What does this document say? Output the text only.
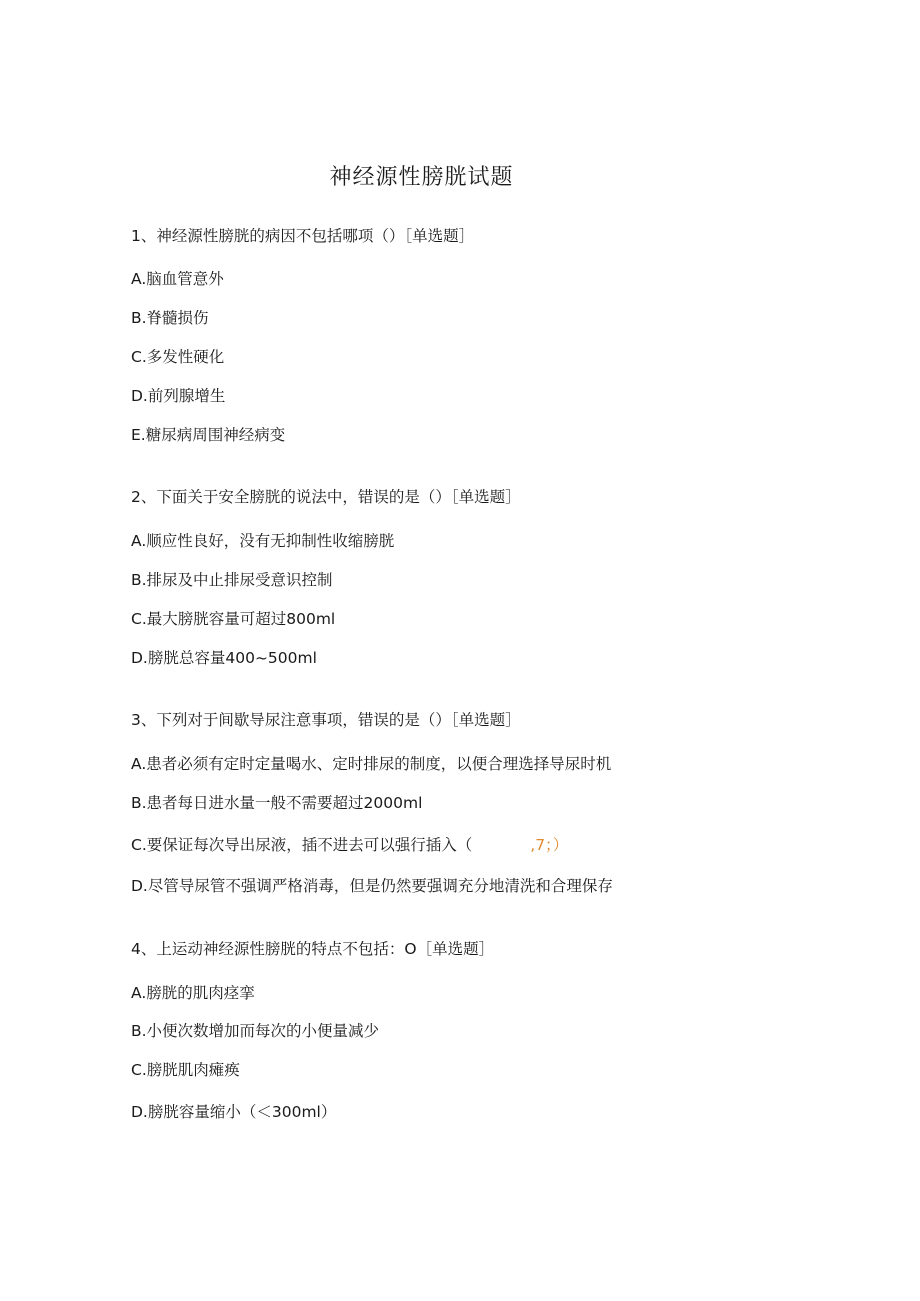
神经源性膀胱试题
1、神经源性膀胱的病因不包括哪项（）［单选题］
A.脑血管意外
B.脊髓损伤
C.多发性硬化
D.前列腺增生
E.糖尿病周围神经病变
2、下面关于安全膀胱的说法中，错误的是（）［单选题］
A.顺应性良好，没有无抑制性收缩膀胱
B.排尿及中止排尿受意识控制
C.最大膀胱容量可超过800ml
D.膀胱总容量400~500ml
3、下列对于间歇导尿注意事项，错误的是（）［单选题］
A.患者必须有定时定量喝水、定时排尿的制度，以便合理选择导尿时机
B.患者每日进水量一般不需要超过2000ml
C.要保证每次导出尿液，插不进去可以强行插入（	,7；）
D.尽管导尿管不强调严格消毒，但是仍然要强调充分地清洗和合理保存
4、上运动神经源性膀胱的特点不包括：O［单选题］
A.膀胱的肌肉痉挛
B.小便次数增加而每次的小便量减少
C.膀胱肌肉瘫痪
D.膀胱容量缩小（＜300ml）
